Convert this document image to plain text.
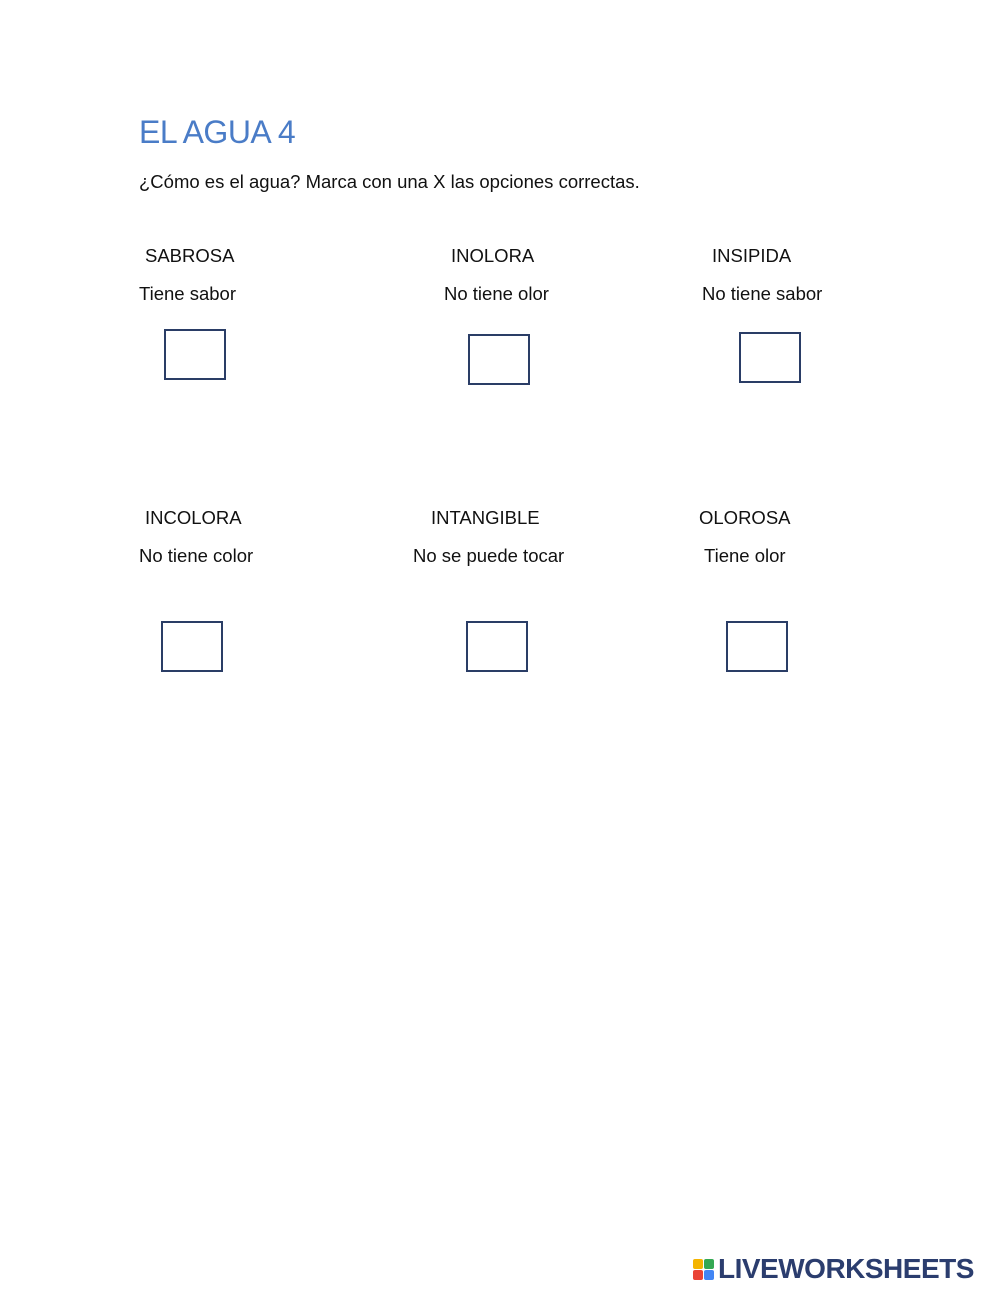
EL AGUA 4
¿Cómo es el agua? Marca con una X las opciones correctas.
SABROSA
Tiene sabor
INOLORA
No tiene olor
INSIPIDA
No tiene sabor
INCOLORA
No tiene color
INTANGIBLE
No se puede tocar
OLOROSA
Tiene olor
LIVEWORKSHEETS
